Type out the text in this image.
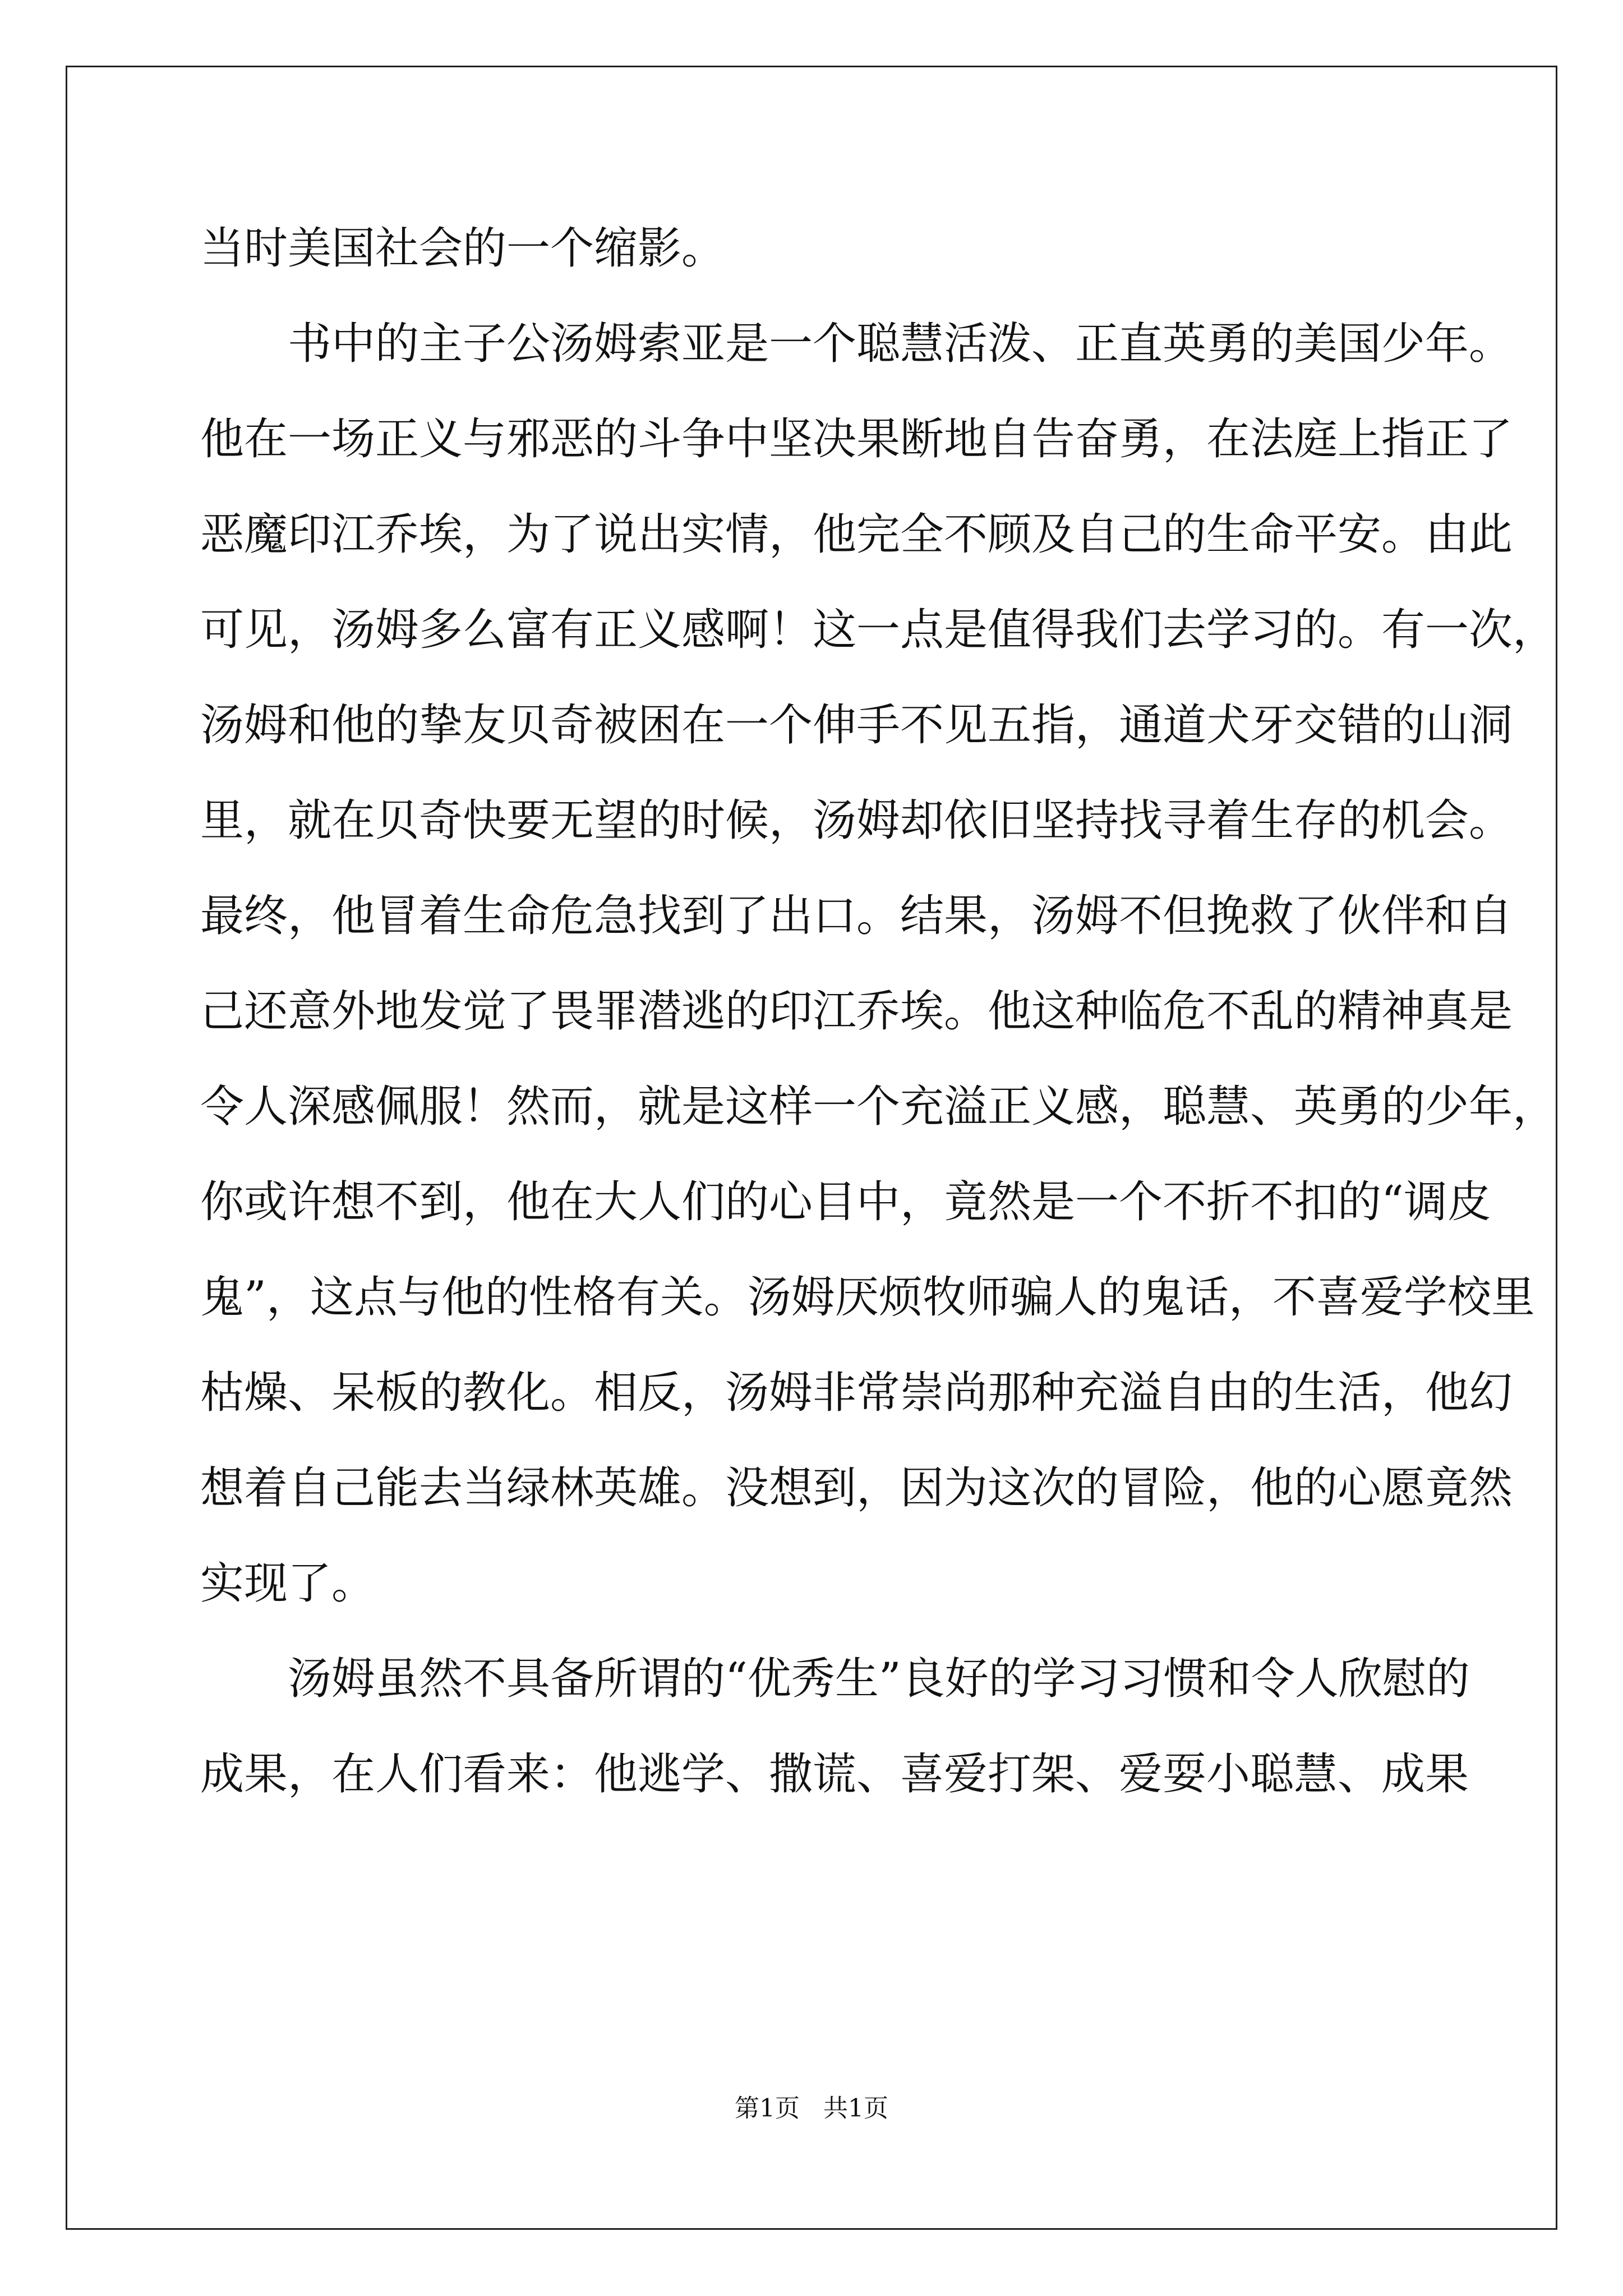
当时美国社会的一个缩影。
书中的主子公汤姆索亚是一个聪慧活泼、正直英勇的美国少年。
他在一场正义与邪恶的斗争中坚决果断地自告奋勇，在法庭上指正了
恶魔印江乔埃，为了说出实情，他完全不顾及自己的生命平安。由此
可见，汤姆多么富有正义感啊！这一点是值得我们去学习的。有一次，
汤姆和他的挚友贝奇被困在一个伸手不见五指，通道犬牙交错的山洞
里，就在贝奇快要无望的时候，汤姆却依旧坚持找寻着生存的机会。
最终，他冒着生命危急找到了出口。结果，汤姆不但挽救了伙伴和自
己还意外地发觉了畏罪潜逃的印江乔埃。他这种临危不乱的精神真是
令人深感佩服！然而，就是这样一个充溢正义感，聪慧、英勇的少年，
你或许想不到，他在大人们的心目中，竟然是一个不折不扣的“调皮
鬼”，这点与他的性格有关。汤姆厌烦牧师骗人的鬼话，不喜爱学校里
枯燥、呆板的教化。相反，汤姆非常崇尚那种充溢自由的生活，他幻
想着自己能去当绿林英雄。没想到，因为这次的冒险，他的心愿竟然
实现了。
汤姆虽然不具备所谓的“优秀生”良好的学习习惯和令人欣慰的
成果，在人们看来：他逃学、撒谎、喜爱打架、爱耍小聪慧、成果
第1页   共1页
